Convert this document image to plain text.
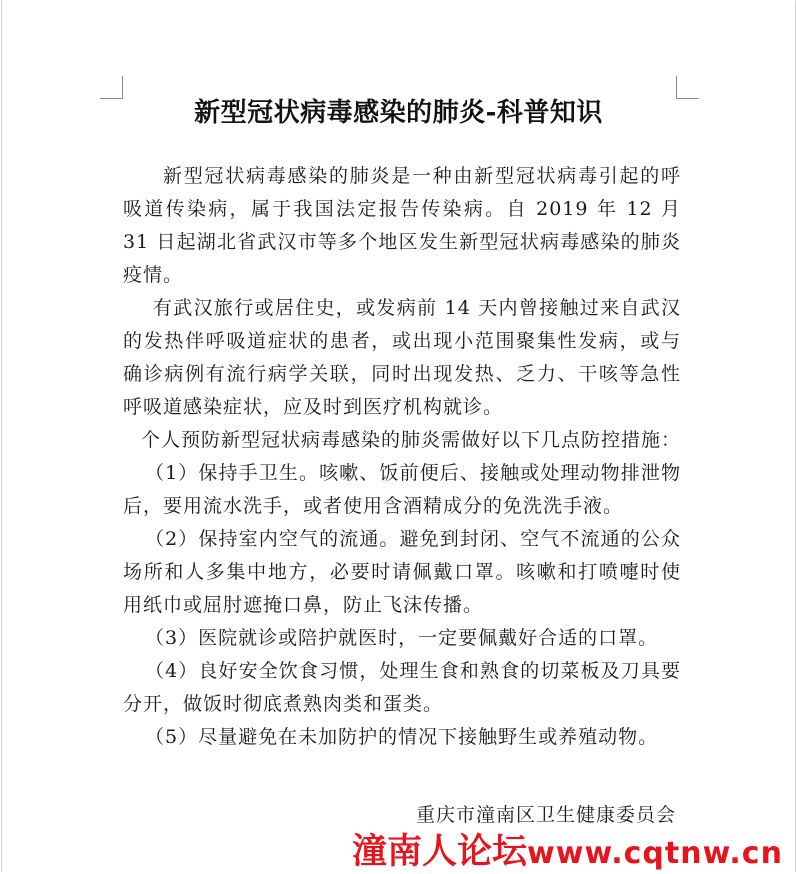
新型冠状病毒感染的肺炎-科普知识

新型冠状病毒感染的肺炎是一种由新型冠状病毒引起的呼吸道传染病，属于我国法定报告传染病。自 2019 年 12 月 31 日起湖北省武汉市等多个地区发生新型冠状病毒感染的肺炎疫情。

有武汉旅行或居住史，或发病前 14 天内曾接触过来自武汉的发热伴呼吸道症状的患者，或出现小范围聚集性发病，或与确诊病例有流行病学关联，同时出现发热、乏力、干咳等急性呼吸道感染症状，应及时到医疗机构就诊。

个人预防新型冠状病毒感染的肺炎需做好以下几点防控措施：

（1）保持手卫生。咳嗽、饭前便后、接触或处理动物排泄物后，要用流水洗手，或者使用含酒精成分的免洗洗手液。

（2）保持室内空气的流通。避免到封闭、空气不流通的公众场所和人多集中地方，必要时请佩戴口罩。咳嗽和打喷嚏时使用纸巾或屈肘遮掩口鼻，防止飞沫传播。

（3）医院就诊或陪护就医时，一定要佩戴好合适的口罩。

（4）良好安全饮食习惯，处理生食和熟食的切菜板及刀具要分开，做饭时彻底煮熟肉类和蛋类。

（5）尽量避免在未加防护的情况下接触野生或养殖动物。

重庆市潼南区卫生健康委员会
潼南人论坛www.cqtnw.cn
